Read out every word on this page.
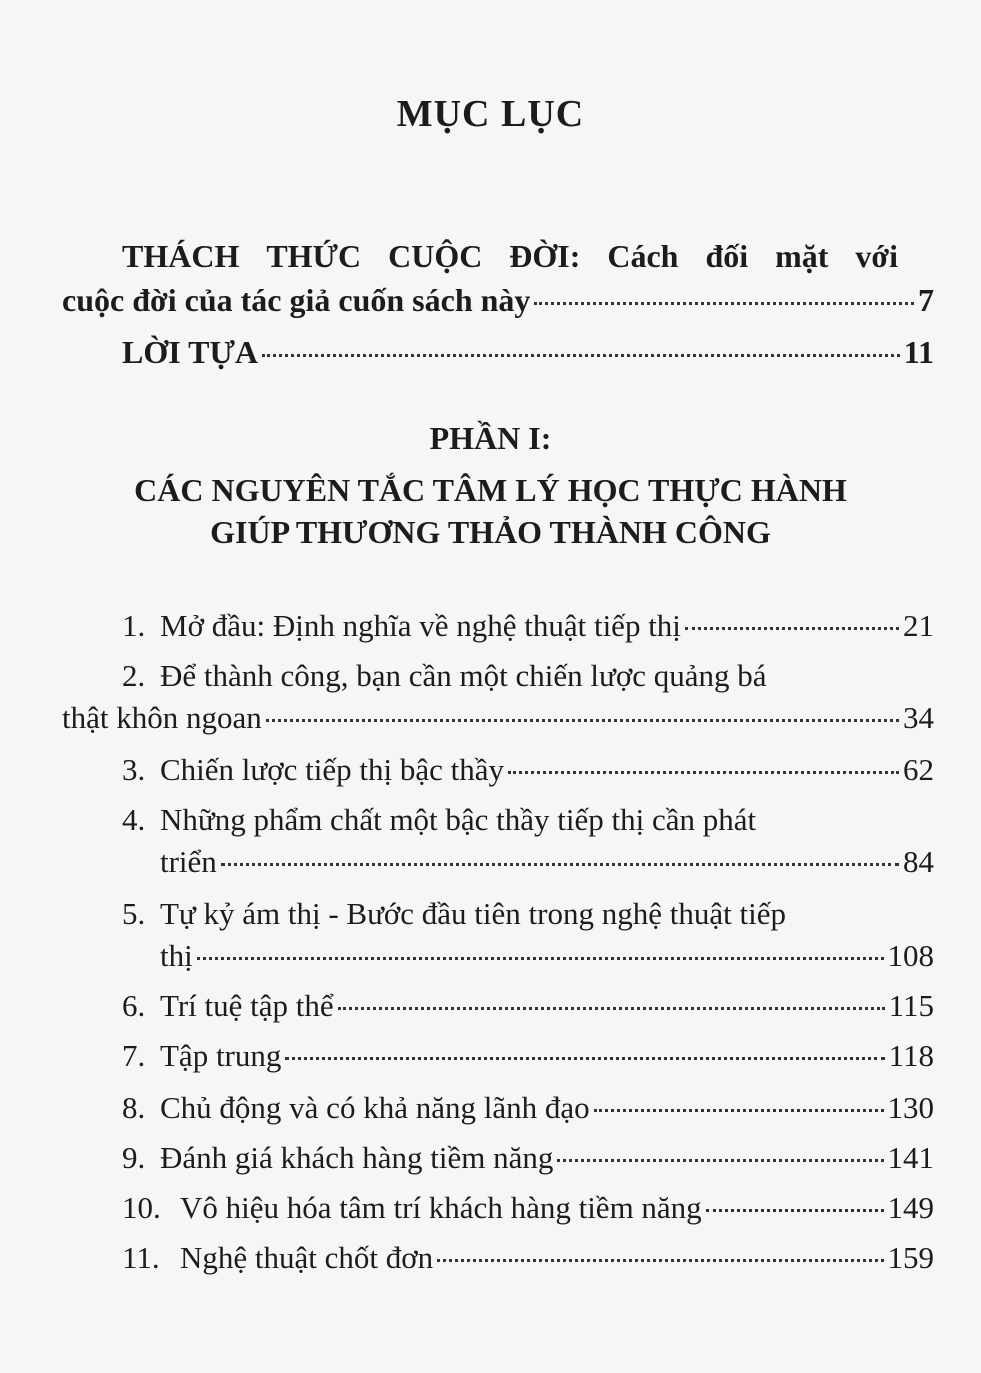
MỤC LỤC
THÁCH THỨC CUỘC ĐỜI: Cách đối mặt với
cuộc đời của tác giả cuốn sách này	7
LỜI TỰA	11
PHẦN I:
CÁC NGUYÊN TẮC TÂM LÝ HỌC THỰC HÀNH
GIÚP THƯƠNG THẢO THÀNH CÔNG
1. Mở đầu: Định nghĩa về nghệ thuật tiếp thị	21
2. Để thành công, bạn cần một chiến lược quảng bá
thật khôn ngoan	34
3. Chiến lược tiếp thị bậc thầy	62
4. Những phẩm chất một bậc thầy tiếp thị cần phát
triển	84
5. Tự kỷ ám thị - Bước đầu tiên trong nghệ thuật tiếp
thị	108
6. Trí tuệ tập thể	115
7. Tập trung	118
8. Chủ động và có khả năng lãnh đạo	130
9. Đánh giá khách hàng tiềm năng	141
10. Vô hiệu hóa tâm trí khách hàng tiềm năng	149
11. Nghệ thuật chốt đơn	159
